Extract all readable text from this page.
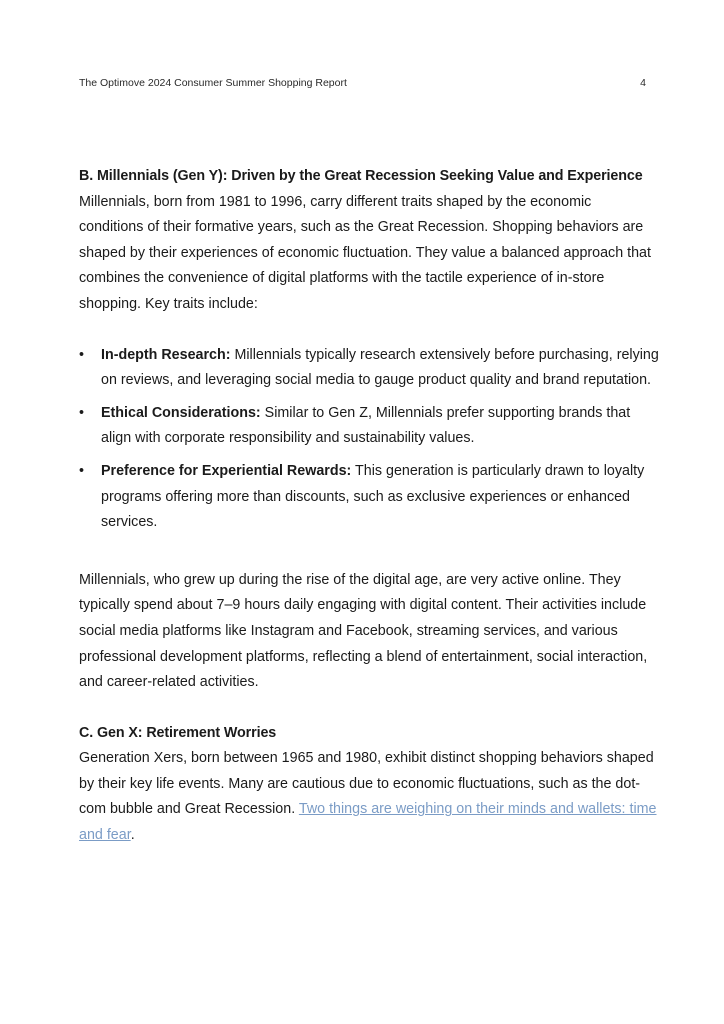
The Optimove 2024 Consumer Summer Shopping Report	4

B. Millennials (Gen Y): Driven by the Great Recession Seeking Value and Experience

Millennials, born from 1981 to 1996, carry different traits shaped by the economic conditions of their formative years, such as the Great Recession. Shopping behaviors are shaped by their experiences of economic fluctuation. They value a balanced approach that combines the convenience of digital platforms with the tactile experience of in-store shopping. Key traits include:

•	In-depth Research: Millennials typically research extensively before purchasing, relying on reviews, and leveraging social media to gauge product quality and brand reputation.
•	Ethical Considerations: Similar to Gen Z, Millennials prefer supporting brands that align with corporate responsibility and sustainability values.
•	Preference for Experiential Rewards: This generation is particularly drawn to loyalty programs offering more than discounts, such as exclusive experiences or enhanced services.

Millennials, who grew up during the rise of the digital age, are very active online. They typically spend about 7–9 hours daily engaging with digital content. Their activities include social media platforms like Instagram and Facebook, streaming services, and various professional development platforms, reflecting a blend of entertainment, social interaction, and career-related activities.

C. Gen X: Retirement Worries

Generation Xers, born between 1965 and 1980, exhibit distinct shopping behaviors shaped by their key life events. Many are cautious due to economic fluctuations, such as the dot-com bubble and Great Recession. Two things are weighing on their minds and wallets: time and fear.
